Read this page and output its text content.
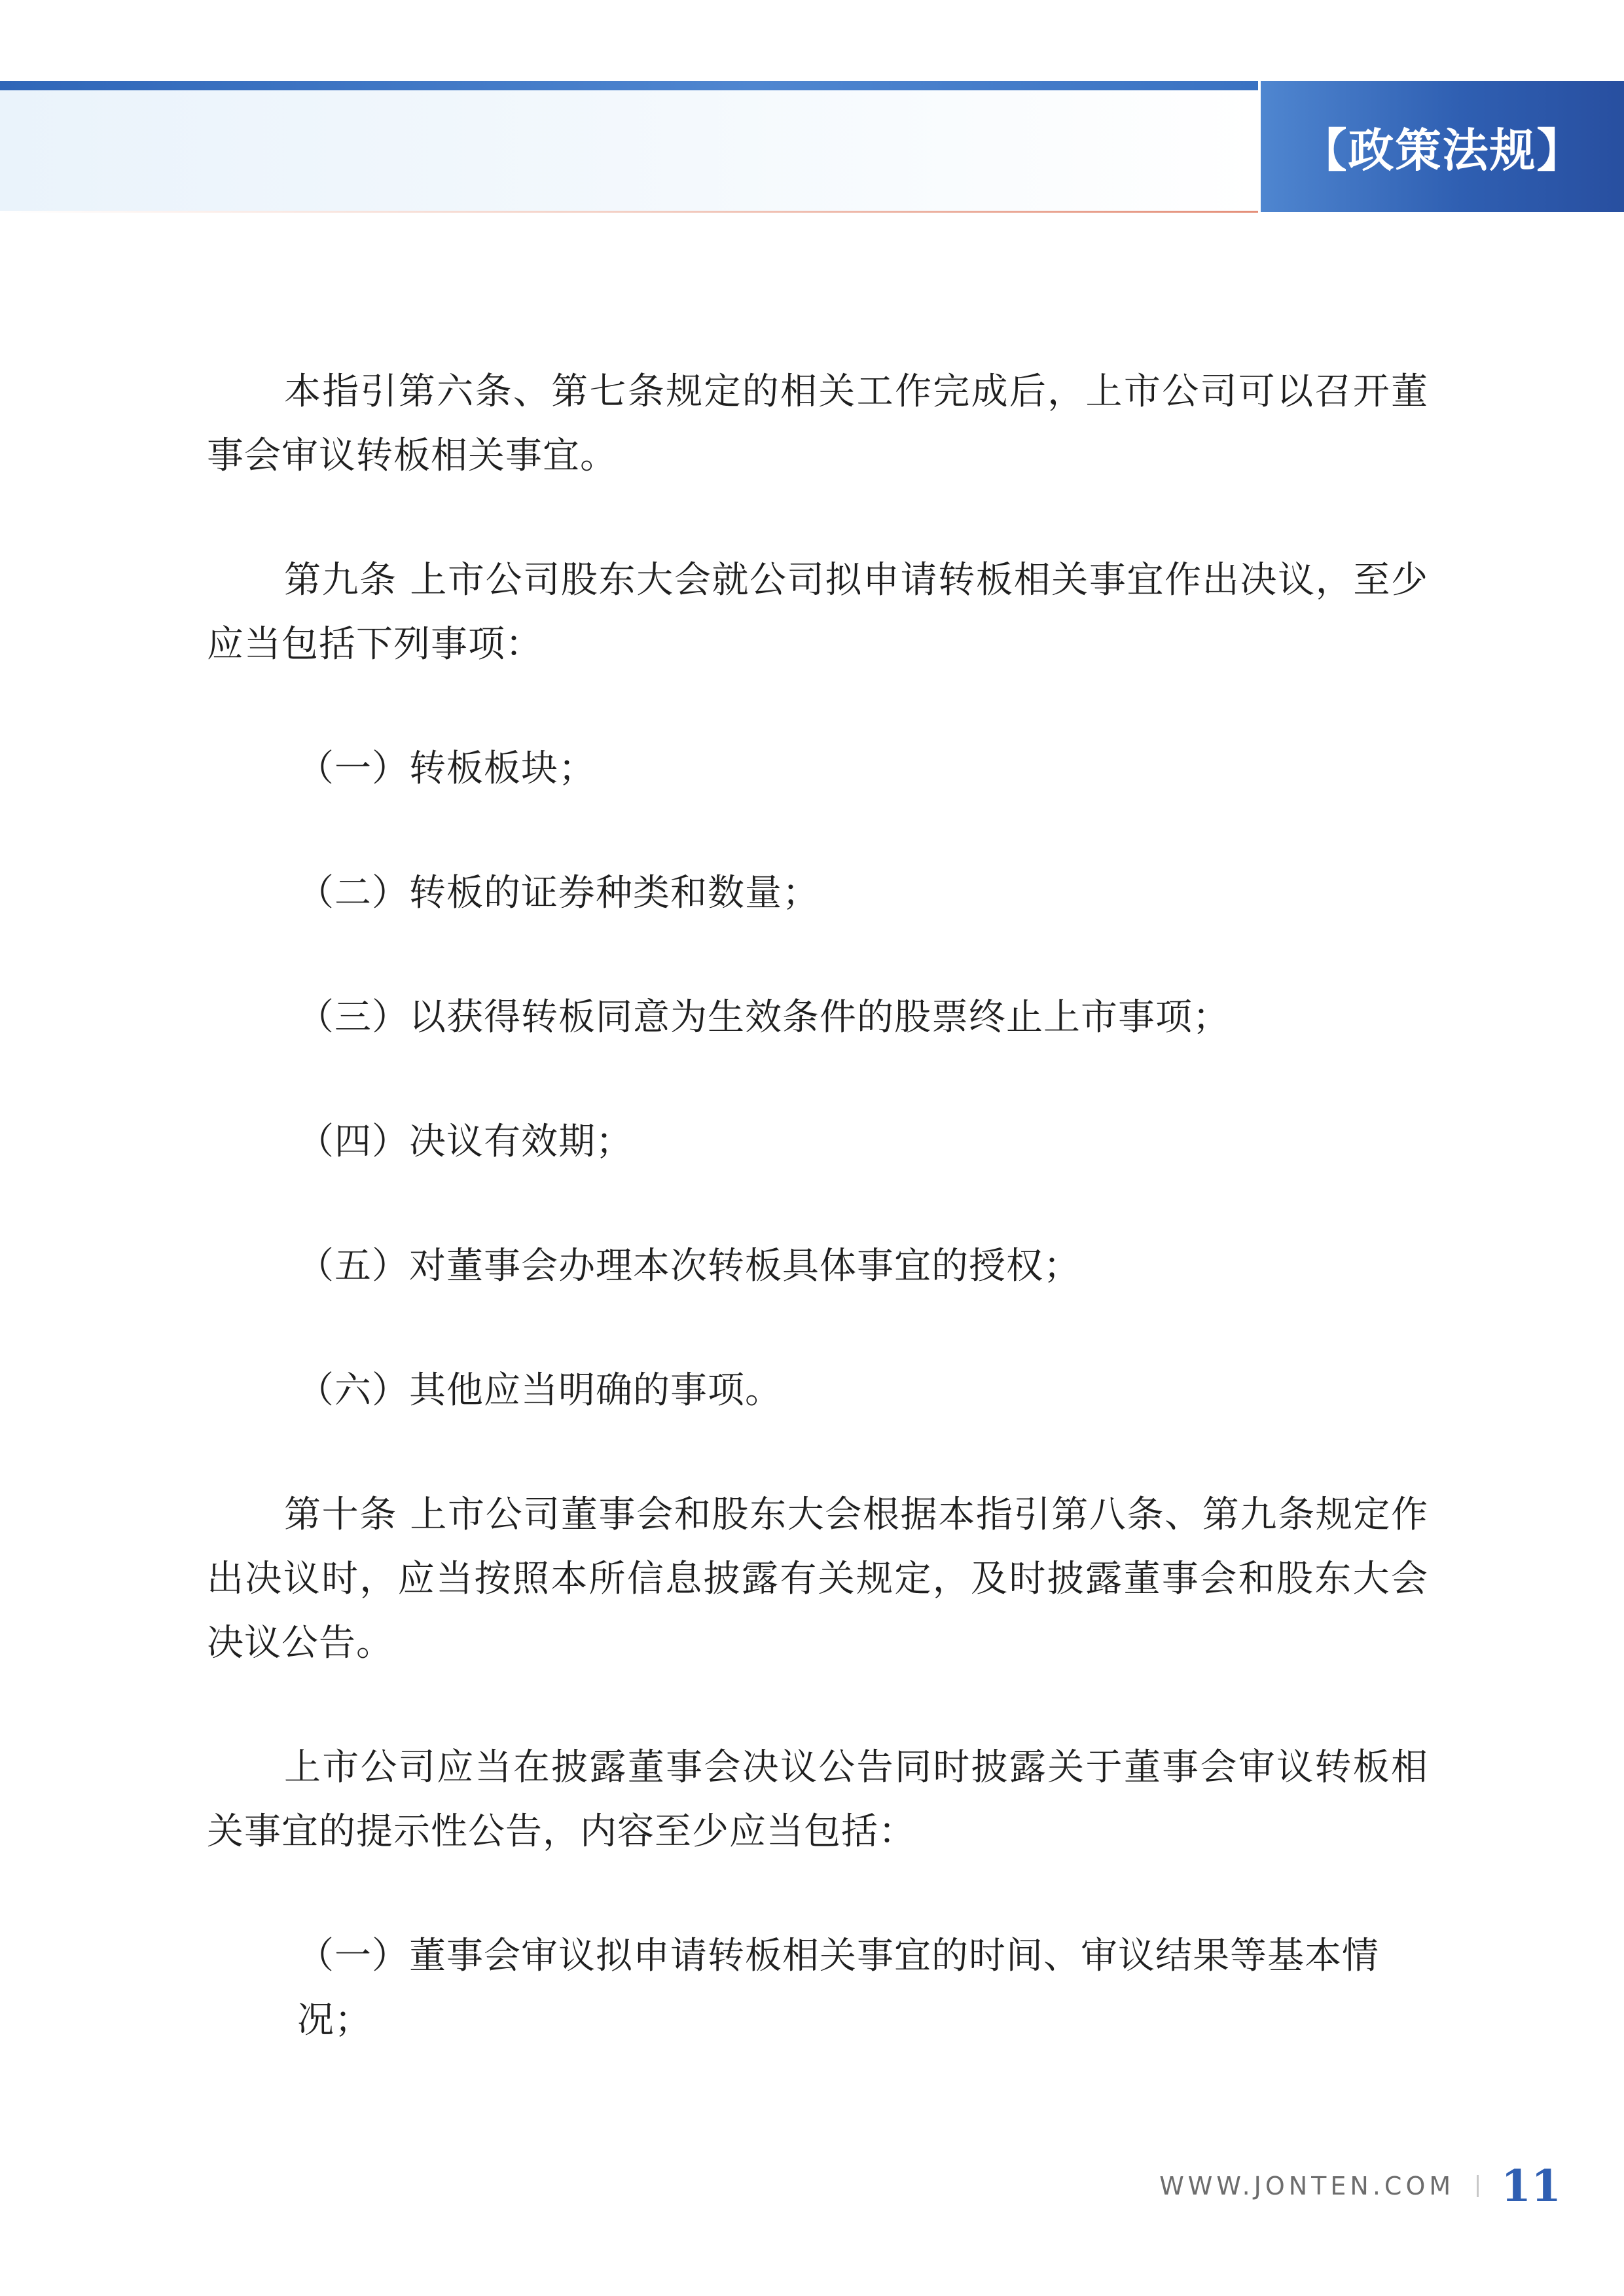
【政策法规】

本指引第六条、第七条规定的相关工作完成后，上市公司可以召开董事会审议转板相关事宜。

第九条 上市公司股东大会就公司拟申请转板相关事宜作出决议，至少应当包括下列事项：

（一）转板板块；

（二）转板的证券种类和数量；

（三）以获得转板同意为生效条件的股票终止上市事项；

（四）决议有效期；

（五）对董事会办理本次转板具体事宜的授权；

（六）其他应当明确的事项。

第十条 上市公司董事会和股东大会根据本指引第八条、第九条规定作出决议时，应当按照本所信息披露有关规定，及时披露董事会和股东大会决议公告。

上市公司应当在披露董事会决议公告同时披露关于董事会审议转板相关事宜的提示性公告，内容至少应当包括：

（一）董事会审议拟申请转板相关事宜的时间、审议结果等基本情况；

WWW.JONTEN.COM 11
